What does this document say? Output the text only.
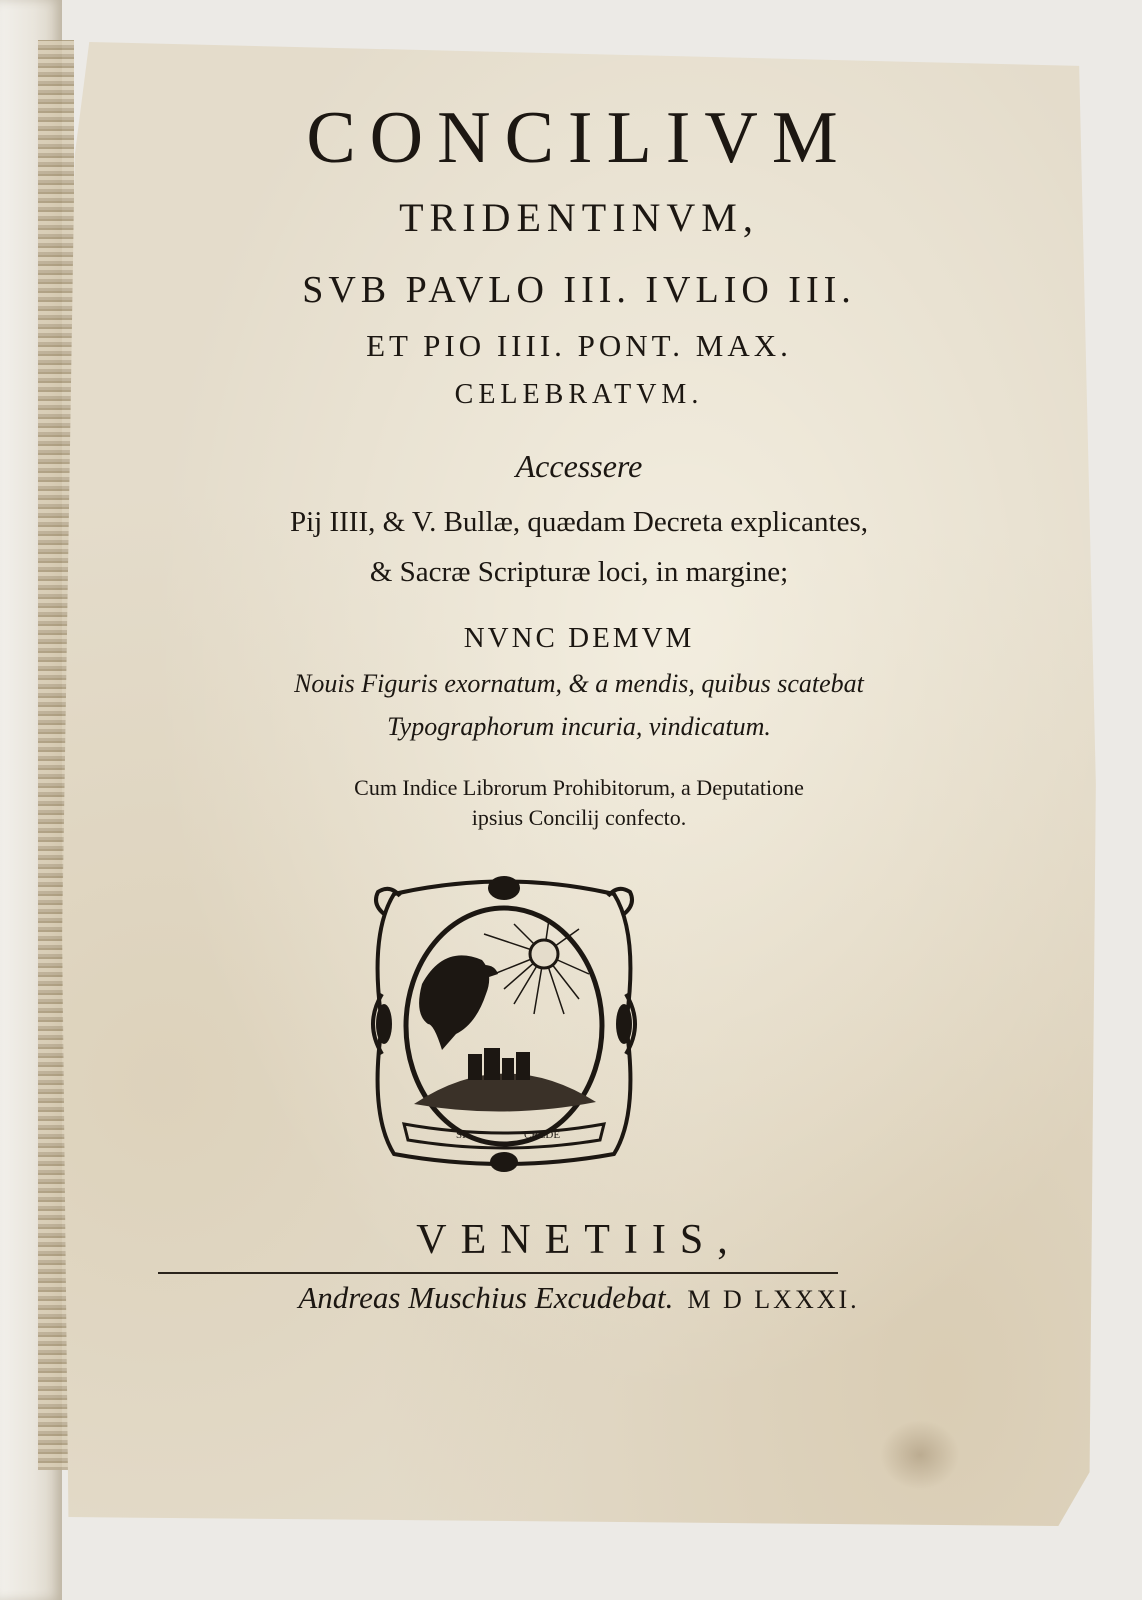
CONCILIVM
TRIDENTINVM,
SVB PAVLO III. IVLIO III.
ET PIO IIII. PONT. MAX.
CELEBRATVM.
Accessere
Pij IIII, & V. Bullæ, quædam Decreta explicantes,
& Sacræ Scripturæ loci, in margine;
NVNC DEMVM
Nouis Figuris exornatum, & a mendis, quibus scatebat
Typographorum incuria, vindicatum.
Cum Indice Librorum Prohibitorum, a Deputatione
ipsius Concilij confecto.
VENETIIS,
Andreas Muschius Excudebat. M D LXXXI.
SIC	CREDE
